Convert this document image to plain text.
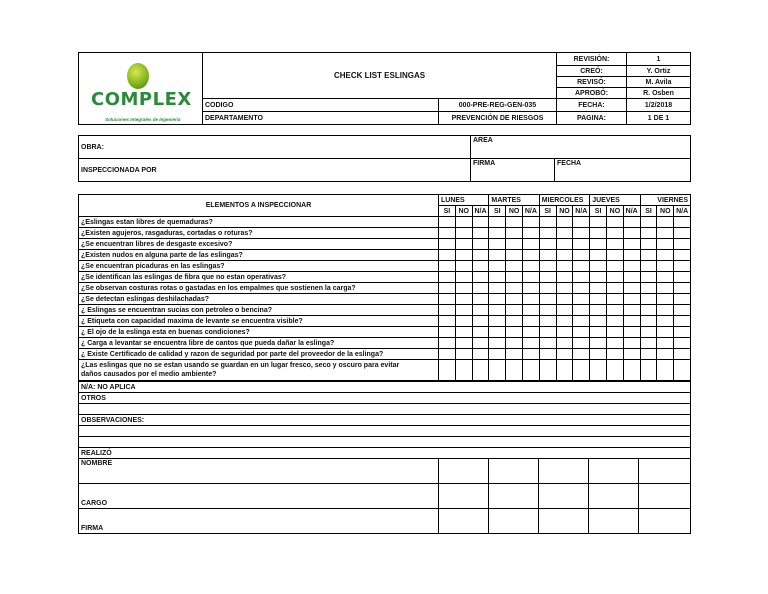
COMPLEX
Soluciones Integrales de Ingeniería	CHECK LIST ESLINGAS		REVISIÓN:	1
			CREÓ:	Y. Ortiz
			REVISÓ:	M. Avila
			APROBÓ:	R. Osben
	CODIGO	000-PRE-REG-GEN-035	FECHA:	1/2/2018
	DEPARTAMENTO	PREVENCIÓN DE RIESGOS	PAGINA:	1 DE 1
OBRA:	AREA	
INSPECCIONADA POR	FIRMA	FECHA
ELEMENTOS A INSPECCIONAR	LUNES			MARTES			MIERCOLES			JUEVES			VIERNES		
	SI	NO	N/A	SI	NO	N/A	SI	NO	N/A	SI	NO	N/A	SI	NO	N/A
¿Eslingas estan libres de quemaduras?															
¿Existen agujeros, rasgaduras, cortadas o roturas?															
¿Se encuentran libres de desgaste excesivo?															
¿Existen nudos en alguna parte de las eslingas?															
¿Se encuentran picaduras en las eslingas?															
¿Se identifican las eslingas de fibra que no estan operativas?															
¿Se observan costuras rotas o gastadas en los empalmes que sostienen la carga?															
¿Se detectan eslingas deshilachadas?															
¿ Eslingas se encuentran sucias con petroleo o bencina?															
¿ Etiqueta con capacidad maxima de levante se encuentra visible?															
¿ El ojo de la eslinga esta en buenas condiciones?															
¿ Carga a levantar se encuentra libre de cantos que pueda dañar la eslinga?															
¿ Existe Certificado de calidad y razon de seguridad por parte del proveedor de la eslinga?															

¿Las eslingas que no se estan usando se guardan en un lugar fresco, seco y oscuro para evitar
daños causados por el medio ambiente?															

N/A: NO APLICA					
OTROS					

OBSERVACIONES:					

REALIZÓ					
NOMBRE					
CARGO					
FIRMA					
